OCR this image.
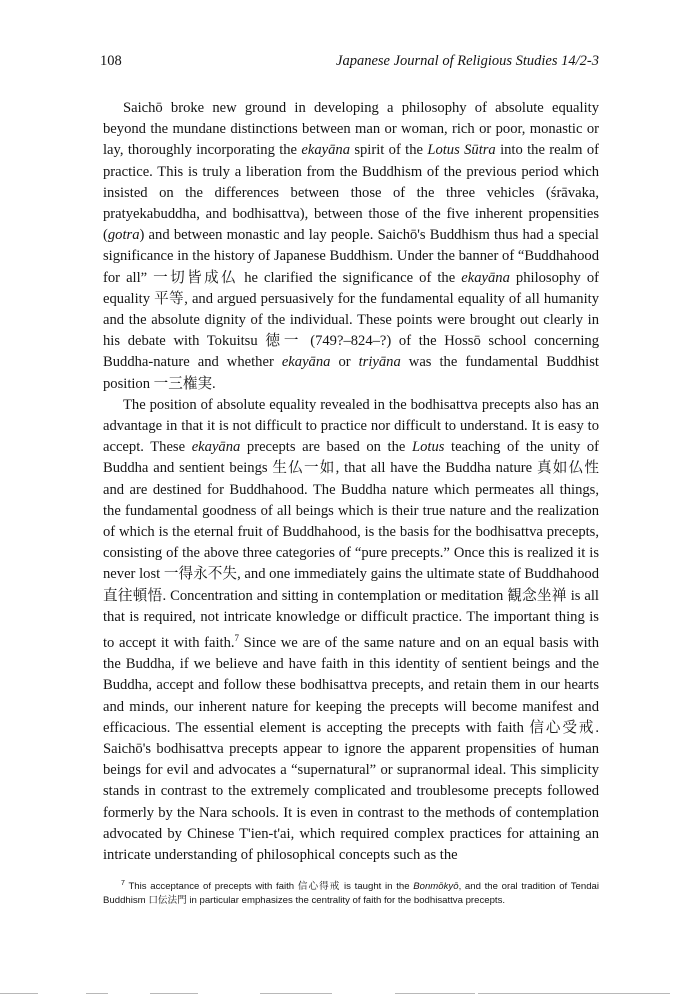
108	Japanese Journal of Religious Studies 14/2-3

Saichō broke new ground in developing a philosophy of absolute equality beyond the mundane distinctions between man or woman, rich or poor, monastic or lay, thoroughly incorporating the ekayāna spirit of the Lotus Sūtra into the realm of practice. This is truly a liberation from the Buddhism of the previous period which insisted on the differences between those of the three vehicles (śrāvaka, pratyekabuddha, and bodhisattva), between those of the five inherent propensities (gotra) and between monastic and lay people. Saichō's Buddhism thus had a special significance in the history of Japanese Buddhism. Under the banner of “Buddhahood for all” 一切皆成仏 he clarified the significance of the ekayāna philosophy of equality 平等, and argued persuasively for the fundamental equality of all humanity and the absolute dignity of the individual. These points were brought out clearly in his debate with Tokuitsu 徳一 (749?–824–?) of the Hossō school concerning Buddha-nature and whether ekayāna or triyāna was the fundamental Buddhist position 一三権実.

The position of absolute equality revealed in the bodhisattva precepts also has an advantage in that it is not difficult to practice nor difficult to understand. It is easy to accept. These ekayāna precepts are based on the Lotus teaching of the unity of Buddha and sentient beings 生仏一如, that all have the Buddha nature 真如仏性 and are destined for Buddhahood. The Buddha nature which permeates all things, the fundamental goodness of all beings which is their true nature and the realization of which is the eternal fruit of Buddhahood, is the basis for the bodhisattva precepts, consisting of the above three categories of “pure precepts.” Once this is realized it is never lost 一得永不失, and one immediately gains the ultimate state of Buddhahood 直往頓悟. Concentration and sitting in contemplation or meditation 観念坐禅 is all that is required, not intricate knowledge or difficult practice. The important thing is to accept it with faith.$^7$ Since we are of the same nature and on an equal basis with the Buddha, if we believe and have faith in this identity of sentient beings and the Buddha, accept and follow these bodhisattva precepts, and retain them in our hearts and minds, our inherent nature for keeping the precepts will become manifest and efficacious. The essential element is accepting the precepts with faith 信心受戒. Saichō's bodhisattva precepts appear to ignore the apparent propensities of human beings for evil and advocates a “supernatural” or supranormal ideal. This simplicity stands in contrast to the extremely complicated and troublesome precepts followed formerly by the Nara schools. It is even in contrast to the methods of contemplation advocated by Chinese T'ien-t'ai, which required complex practices for attaining an intricate understanding of philosophical concepts such as the

$^7$ This acceptance of precepts with faith 信心得戒 is taught in the Bonmōkyō, and the oral tradition of Tendai Buddhism 口伝法門 in particular emphasizes the centrality of faith for the bodhisattva precepts.
